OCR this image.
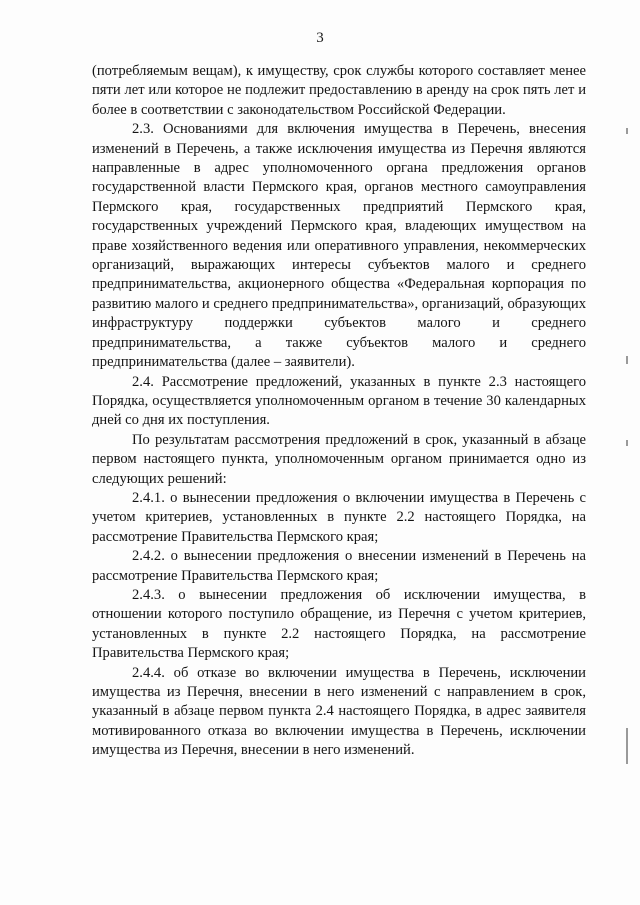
3

(потребляемым вещам), к имуществу, срок службы которого составляет менее пяти лет или которое не подлежит предоставлению в аренду на срок пять лет и более в соответствии с законодательством Российской Федерации.

2.3. Основаниями для включения имущества в Перечень, внесения изменений в Перечень, а также исключения имущества из Перечня являются направленные в адрес уполномоченного органа предложения органов государственной власти Пермского края, органов местного самоуправления Пермского края, государственных предприятий Пермского края, государственных учреждений Пермского края, владеющих имуществом на праве хозяйственного ведения или оперативного управления, некоммерческих организаций, выражающих интересы субъектов малого и среднего предпринимательства, акционерного общества «Федеральная корпорация по развитию малого и среднего предпринимательства», организаций, образующих инфраструктуру поддержки субъектов малого и среднего предпринимательства, а также субъектов малого и среднего предпринимательства (далее – заявители).

2.4. Рассмотрение предложений, указанных в пункте 2.3 настоящего Порядка, осуществляется уполномоченным органом в течение 30 календарных дней со дня их поступления.

По результатам рассмотрения предложений в срок, указанный в абзаце первом настоящего пункта, уполномоченным органом принимается одно из следующих решений:

2.4.1. о вынесении предложения о включении имущества в Перечень с учетом критериев, установленных в пункте 2.2 настоящего Порядка, на рассмотрение Правительства Пермского края;

2.4.2. о вынесении предложения о внесении изменений в Перечень на рассмотрение Правительства Пермского края;

2.4.3. о вынесении предложения об исключении имущества, в отношении которого поступило обращение, из Перечня с учетом критериев, установленных в пункте 2.2 настоящего Порядка, на рассмотрение Правительства Пермского края;

2.4.4. об отказе во включении имущества в Перечень, исключении имущества из Перечня, внесении в него изменений с направлением в срок, указанный в абзаце первом пункта 2.4 настоящего Порядка, в адрес заявителя мотивированного отказа во включении имущества в Перечень, исключении имущества из Перечня, внесении в него изменений.
